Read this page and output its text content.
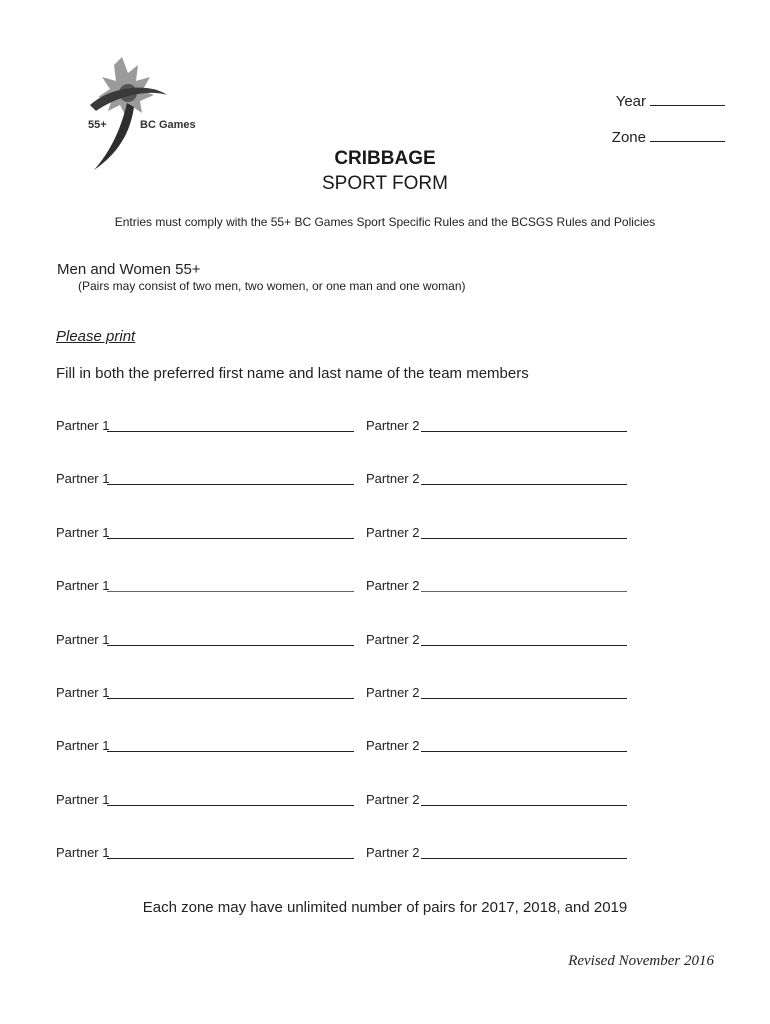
55+	BC Games
Year
Zone
CRIBBAGE
SPORT FORM
Entries must comply with the 55+ BC Games Sport Specific Rules and the BCSGS Rules and Policies
Men and Women 55+
(Pairs may consist of two men, two women, or one man and one woman)
Please print
Fill in both the preferred first name and last name of the team members
Partner 1	Partner 2
Partner 1	Partner 2
Partner 1	Partner 2
Partner 1	Partner 2
Partner 1	Partner 2
Partner 1	Partner 2
Partner 1	Partner 2
Partner 1	Partner 2
Partner 1	Partner 2
Each zone may have unlimited number of pairs for 2017, 2018, and 2019
Revised November 2016
